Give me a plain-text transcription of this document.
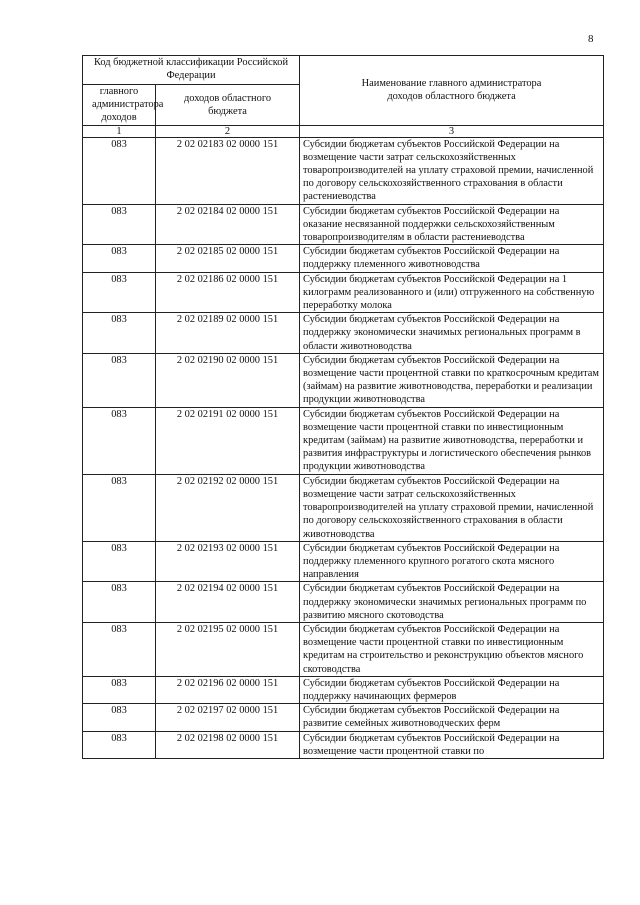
8
Код бюджетной классификации Российской Федерации		Наименование главного администратора доходов областного бюджета

главного администратора доходов	доходов областного бюджета	

1	2	3
083	2 02 02183 02 0000 151	Субсидии бюджетам субъектов Российской Федерации на возмещение части затрат сельскохозяйственных товаропроизводителей на уплату страховой премии, начисленной по договору сельскохозяйственного страхования в области растениеводства
083	2 02 02184 02 0000 151	Субсидии бюджетам субъектов Российской Федерации на оказание несвязанной поддержки сельскохозяйственным товаропроизводителям в области растениеводства
083	2 02 02185 02 0000 151	Субсидии бюджетам субъектов Российской Федерации на поддержку племенного животноводства
083	2 02 02186 02 0000 151	Субсидии бюджетам субъектов Российской Федерации на 1 килограмм реализованного и (или) отгруженного на собственную переработку молока
083	2 02 02189 02 0000 151	Субсидии бюджетам субъектов Российской Федерации на поддержку экономически значимых региональных программ в области животноводства
083	2 02 02190 02 0000 151	Субсидии бюджетам субъектов Российской Федерации на возмещение части процентной ставки по краткосрочным кредитам (займам) на развитие животноводства, переработки и реализации продукции животноводства
083	2 02 02191 02 0000 151	Субсидии бюджетам субъектов Российской Федерации на возмещение части процентной ставки по инвестиционным кредитам (займам) на развитие животноводства, переработки и развития инфраструктуры и логистического обеспечения рынков продукции животноводства
083	2 02 02192 02 0000 151	Субсидии бюджетам субъектов Российской Федерации на возмещение части затрат сельскохозяйственных товаропроизводителей на уплату страховой премии, начисленной по договору сельскохозяйственного страхования в области животноводства
083	2 02 02193 02 0000 151	Субсидии бюджетам субъектов Российской Федерации на поддержку племенного крупного рогатого скота мясного направления
083	2 02 02194 02 0000 151	Субсидии бюджетам субъектов Российской Федерации на поддержку экономически значимых региональных программ по развитию мясного скотоводства
083	2 02 02195 02 0000 151	Субсидии бюджетам субъектов Российской Федерации на возмещение части процентной ставки по инвестиционным кредитам на строительство и реконструкцию объектов мясного скотоводства
083	2 02 02196 02 0000 151	Субсидии бюджетам субъектов Российской Федерации на поддержку начинающих фермеров
083	2 02 02197 02 0000 151	Субсидии бюджетам субъектов Российской Федерации на развитие семейных животноводческих ферм
083	2 02 02198 02 0000 151	Субсидии бюджетам субъектов Российской Федерации на возмещение части процентной ставки по
